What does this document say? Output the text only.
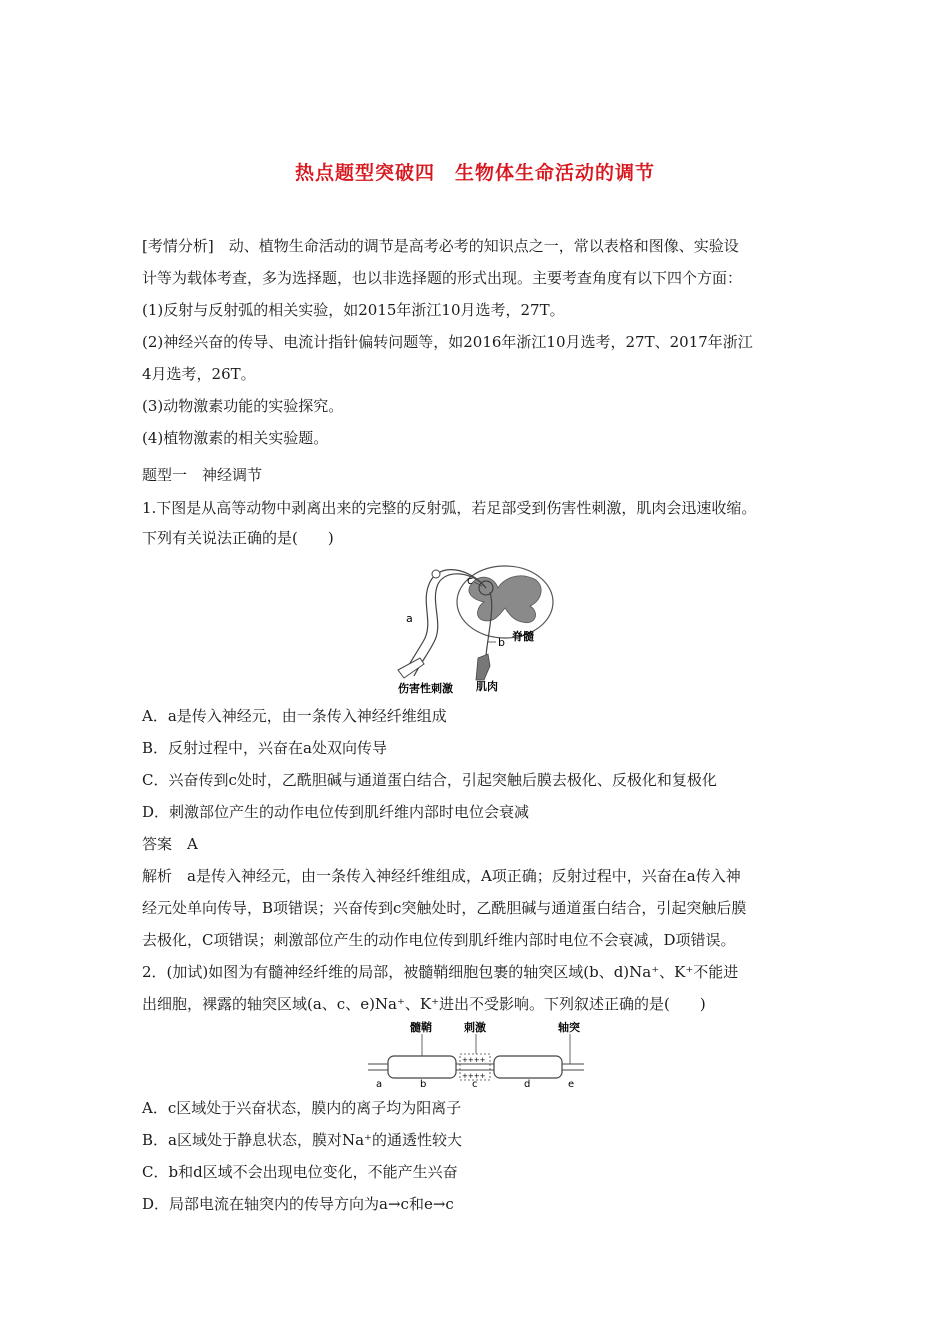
热点题型突破四　生物体生命活动的调节
[考情分析]　动、植物生命活动的调节是高考必考的知识点之一，常以表格和图像、实验设
计等为载体考查，多为选择题，也以非选择题的形式出现。主要考查角度有以下四个方面：
(1)反射与反射弧的相关实验，如2015年浙江10月选考，27T。
(2)神经兴奋的传导、电流计指针偏转问题等，如2016年浙江10月选考，27T、2017年浙江
4月选考，26T。
(3)动物激素功能的实验探究。
(4)植物激素的相关实验题。
题型一　神经调节
1.下图是从高等动物中剥离出来的完整的反射弧，若足部受到伤害性刺激，肌肉会迅速收缩。
下列有关说法正确的是(　　)
a
b
c
脊髓
伤害性刺激 肌肉
A．a是传入神经元，由一条传入神经纤维组成
B．反射过程中，兴奋在a处双向传导
C．兴奋传到c处时，乙酰胆碱与通道蛋白结合，引起突触后膜去极化、反极化和复极化
D．刺激部位产生的动作电位传到肌纤维内部时电位会衰减
答案　A
解析　a是传入神经元，由一条传入神经纤维组成，A项正确；反射过程中，兴奋在a传入神
经元处单向传导，B项错误；兴奋传到c突触处时，乙酰胆碱与通道蛋白结合，引起突触后膜
去极化，C项错误；刺激部位产生的动作电位传到肌纤维内部时电位不会衰减，D项错误。
2．(加试)如图为有髓神经纤维的局部，被髓鞘细胞包裹的轴突区域(b、d)Na⁺、K⁺不能进
出细胞，裸露的轴突区域(a、c、e)Na⁺、K⁺进出不受影响。下列叙述正确的是(　　)
++++
++++
髓鞘	刺激	轴突
a	b	c	d	e
A．c区域处于兴奋状态，膜内的离子均为阳离子
B．a区域处于静息状态，膜对Na⁺的通透性较大
C．b和d区域不会出现电位变化，不能产生兴奋
D．局部电流在轴突内的传导方向为a→c和e→c
